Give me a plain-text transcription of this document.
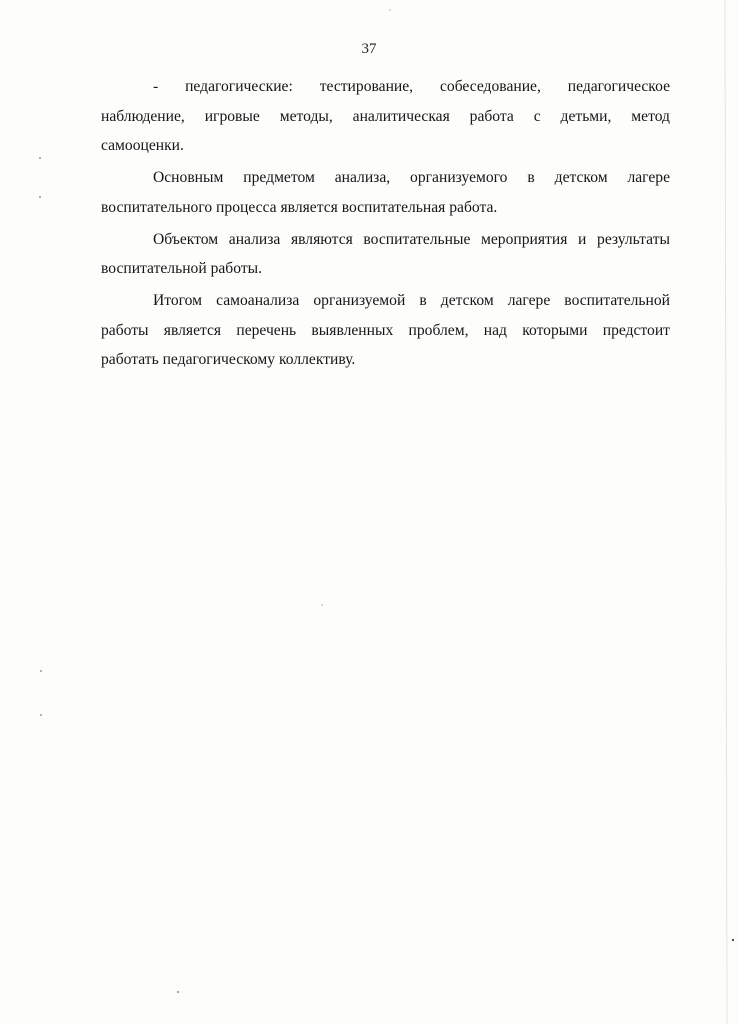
37
- педагогические: тестирование, собеседование, педагогическое
наблюдение, игровые методы, аналитическая работа с детьми, метод
самооценки.
Основным предметом анализа, организуемого в детском лагере
воспитательного процесса является воспитательная работа.
Объектом анализа являются воспитательные мероприятия и результаты
воспитательной работы.
Итогом самоанализа организуемой в детском лагере воспитательной
работы является перечень выявленных проблем, над которыми предстоит
работать педагогическому коллективу.
